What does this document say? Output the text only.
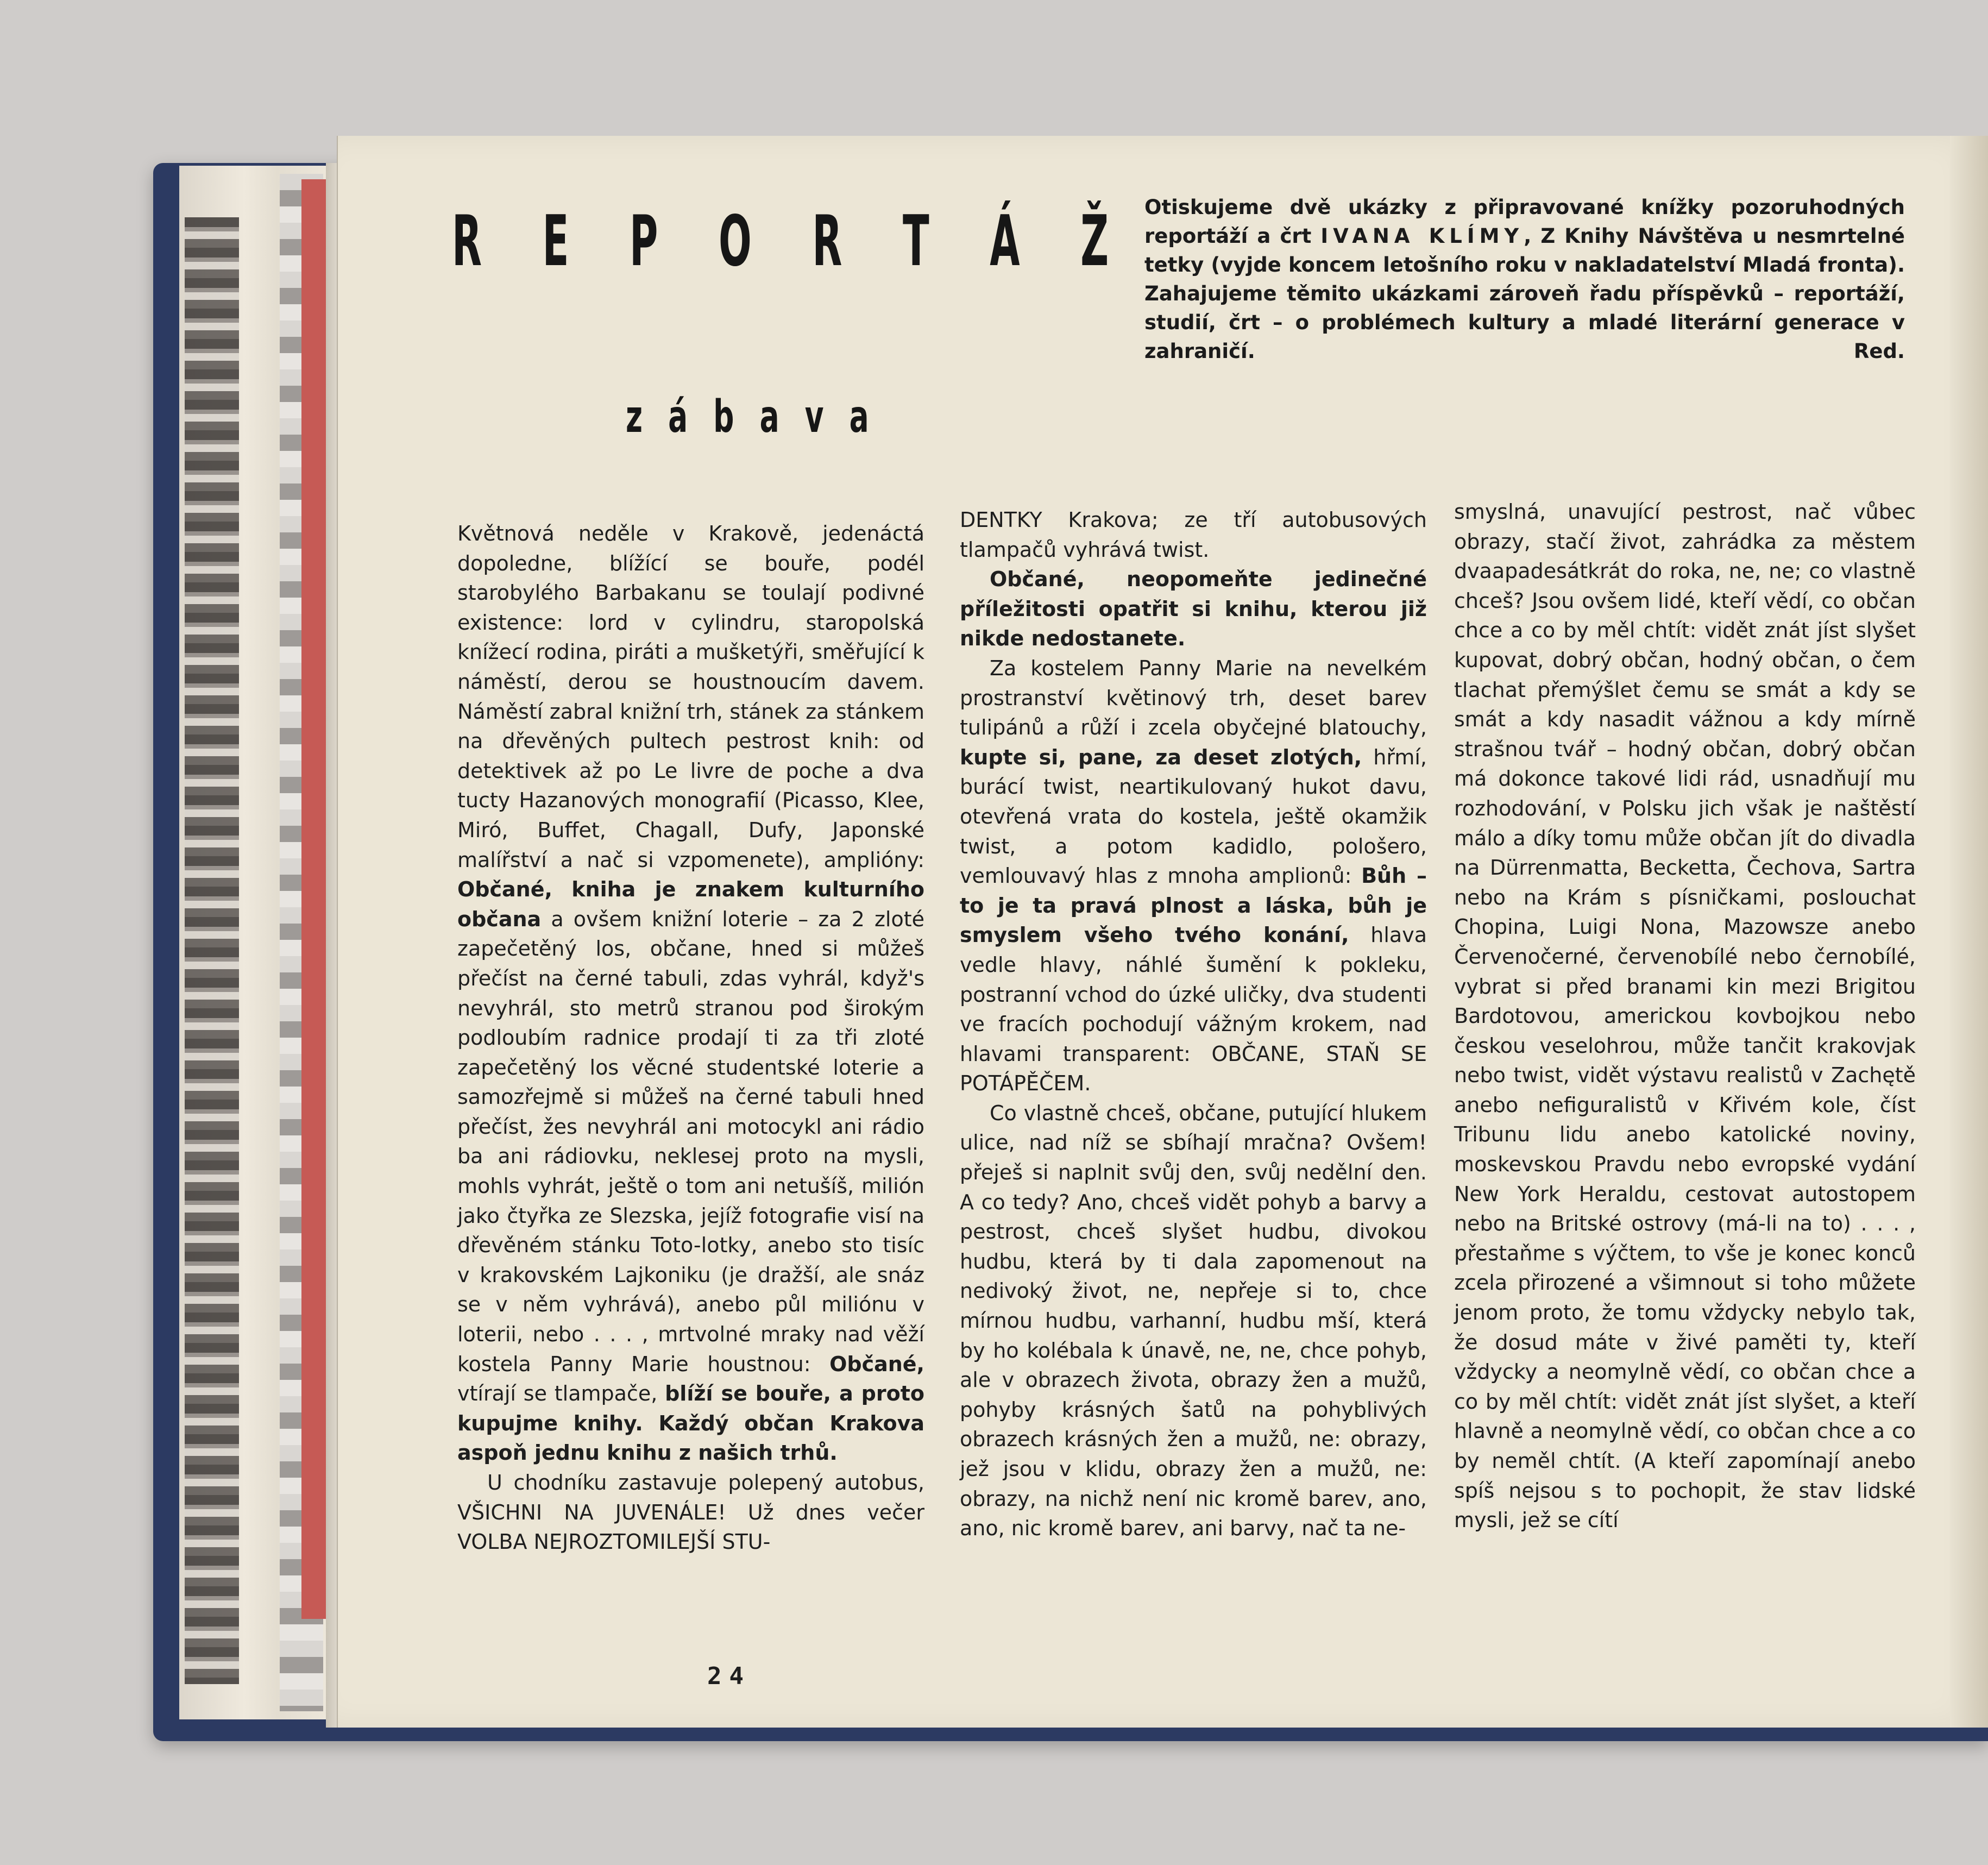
R E P O R T Á Ž
z á b a v a
Otiskujeme dvě ukázky z připravované knížky pozoruhodných reportáží a črt IVANA KLÍMY, Z Knihy Návštěva u nesmrtelné tetky (vyjde koncem letošního roku v nakladatelství Mladá fronta). Zahajujeme těmito ukázkami zároveň řadu příspěvků – reportáží, studií, črt – o problémech kultury a mladé literární generace v zahraničí.	Red.

Květnová neděle v Krakově, jedenáctá dopoledne, blížící se bouře, podél starobylého Barbakanu se toulají podivné existence: lord v cylindru, staropolská knížecí rodina, piráti a mušketýři, směřující k náměstí, derou se houstnoucím davem. Náměstí zabral knižní trh, stánek za stánkem na dřevěných pultech pestrost knih: od detektivek až po Le livre de poche a dva tucty Hazanových monografií (Picasso, Klee, Miró, Buffet, Chagall, Dufy, Japonské malířství a nač si vzpomenete), amplióny: Občané, kniha je znakem kulturního občana a ovšem knižní loterie – za 2 zloté zapečetěný los, občane, hned si můžeš přečíst na černé tabuli, zdas vyhrál, když's nevyhrál, sto metrů stranou pod širokým podloubím radnice prodají ti za tři zloté zapečetěný los věcné studentské loterie a samozřejmě si můžeš na černé tabuli hned přečíst, žes nevyhrál ani motocykl ani rádio ba ani rádiovku, neklesej proto na mysli, mohls vyhrát, ještě o tom ani netušíš, milión jako čtyřka ze Slezska, jejíž fotografie visí na dřevěném stánku Toto-lotky, anebo sto tisíc v krakovském Lajkoniku (je dražší, ale snáz se v něm vyhrává), anebo půl miliónu v loterii, nebo . . . , mrtvolné mraky nad věží kostela Panny Marie houstnou: Občané, vtírají se tlampače, blíží se bouře, a proto kupujme knihy. Každý občan Krakova aspoň jednu knihu z našich trhů.

U chodníku zastavuje polepený autobus, VŠICHNI NA JUVENÁLE! Už dnes večer VOLBA NEJROZTOMILEJŠÍ STU-

DENTKY Krakova; ze tří autobusových tlampačů vyhrává twist.

Občané, neopomeňte jedinečné příležitosti opatřit si knihu, kterou již nikde nedostanete.

Za kostelem Panny Marie na nevelkém prostranství květinový trh, deset barev tulipánů a růží i zcela obyčejné blatouchy, kupte si, pane, za deset zlotých, hřmí, burácí twist, neartikulovaný hukot davu, otevřená vrata do kostela, ještě okamžik twist, a potom kadidlo, pološero, vemlouvavý hlas z mnoha amplionů: Bůh – to je ta pravá plnost a láska, bůh je smyslem všeho tvého konání, hlava vedle hlavy, náhlé šumění k pokleku, postranní vchod do úzké uličky, dva studenti ve fracích pochodují vážným krokem, nad hlavami transparent: OBČANE, STAŇ SE POTÁPĚČEM.

Co vlastně chceš, občane, putující hlukem ulice, nad níž se sbíhají mračna? Ovšem! přeješ si naplnit svůj den, svůj nedělní den. A co tedy? Ano, chceš vidět pohyb a barvy a pestrost, chceš slyšet hudbu, divokou hudbu, která by ti dala zapomenout na nedivoký život, ne, nepřeje si to, chce mírnou hudbu, varhanní, hudbu mší, která by ho kolébala k únavě, ne, ne, chce pohyb, ale v obrazech života, obrazy žen a mužů, pohyby krásných šatů na pohyblivých obrazech krásných žen a mužů, ne: obrazy, jež jsou v klidu, obrazy žen a mužů, ne: obrazy, na nichž není nic kromě barev, ano, ano, nic kromě barev, ani barvy, nač ta ne-

smyslná, unavující pestrost, nač vůbec obrazy, stačí život, zahrádka za městem dvaapadesátkrát do roka, ne, ne; co vlastně chceš? Jsou ovšem lidé, kteří vědí, co občan chce a co by měl chtít: vidět znát jíst slyšet kupovat, dobrý občan, hodný občan, o čem tlachat přemýšlet čemu se smát a kdy se smát a kdy nasadit vážnou a kdy mírně strašnou tvář – hodný občan, dobrý občan má dokonce takové lidi rád, usnadňují mu rozhodování, v Polsku jich však je naštěstí málo a díky tomu může občan jít do divadla na Dürrenmatta, Becketta, Čechova, Sartra nebo na Krám s písničkami, poslouchat Chopina, Luigi Nona, Mazowsze anebo Červenočerné, červenobílé nebo černobílé, vybrat si před branami kin mezi Brigitou Bardotovou, americkou kovbojkou nebo českou veselohrou, může tančit krakovjak nebo twist, vidět výstavu realistů v Zachętě anebo nefiguralistů v Křivém kole, číst Tribunu lidu anebo katolické noviny, moskevskou Pravdu nebo evropské vydání New York Heraldu, cestovat autostopem nebo na Britské ostrovy (má-li na to) . . . , přestaňme s výčtem, to vše je konec konců zcela přirozené a všimnout si toho můžete jenom proto, že tomu vždycky nebylo tak, že dosud máte v živé paměti ty, kteří vždycky a neomylně vědí, co občan chce a co by měl chtít: vidět znát jíst slyšet, a kteří hlavně a neomylně vědí, co občan chce a co by neměl chtít. (A kteří zapomínají anebo spíš nejsou s to pochopit, že stav lidské mysli, jež se cítí

24
